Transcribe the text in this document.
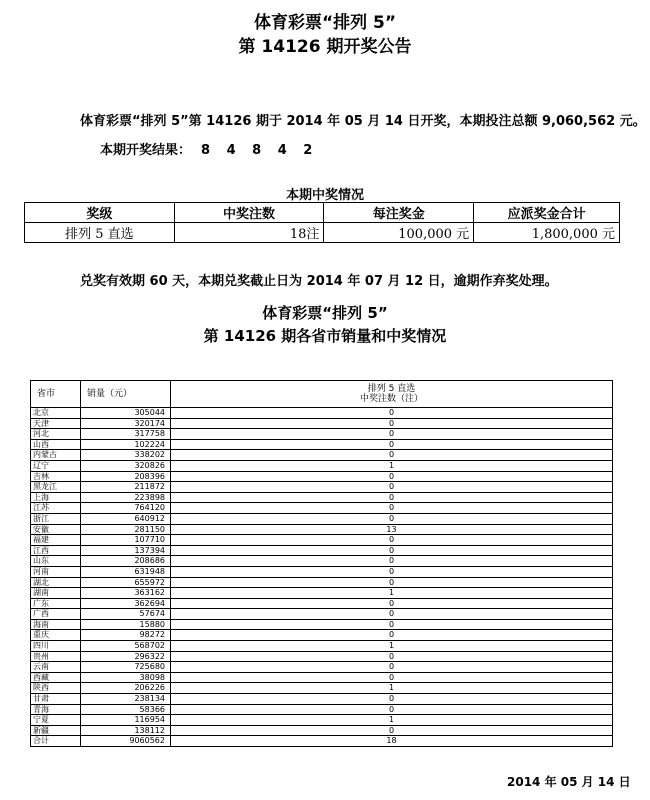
体育彩票“排列 5”
第 14126 期开奖公告
体育彩票“排列 5”第 14126 期于 2014 年 05 月 14 日开奖，本期投注总额 9,060,562 元。
本期开奖结果： 8 4 8 4 2
本期中奖情况
奖级	中奖注数	每注奖金	应派奖金合计
排列 5 直选	18注	100,000 元	1,800,000 元
兑奖有效期 60 天，本期兑奖截止日为 2014 年 07 月 12 日，逾期作弃奖处理。
体育彩票“排列 5”
第 14126 期各省市销量和中奖情况
省市	销量（元）	排列 5 直选
中奖注数（注）

北京	305044	0
天津	320174	0
河北	317758	0
山西	102224	0
内蒙古	338202	0
辽宁	320826	1
吉林	208396	0
黑龙江	211872	0
上海	223898	0
江苏	764120	0
浙江	640912	0
安徽	281150	13
福建	107710	0
江西	137394	0
山东	208686	0
河南	631948	0
湖北	655972	0
湖南	363162	1
广东	362694	0
广西	57674	0
海南	15880	0
重庆	98272	0
四川	568702	1
贵州	296322	0
云南	725680	0
西藏	38098	0
陕西	206226	1
甘肃	238134	0
青海	58366	0
宁夏	116954	1
新疆	138112	0
合计	9060562	18
2014 年 05 月 14 日
